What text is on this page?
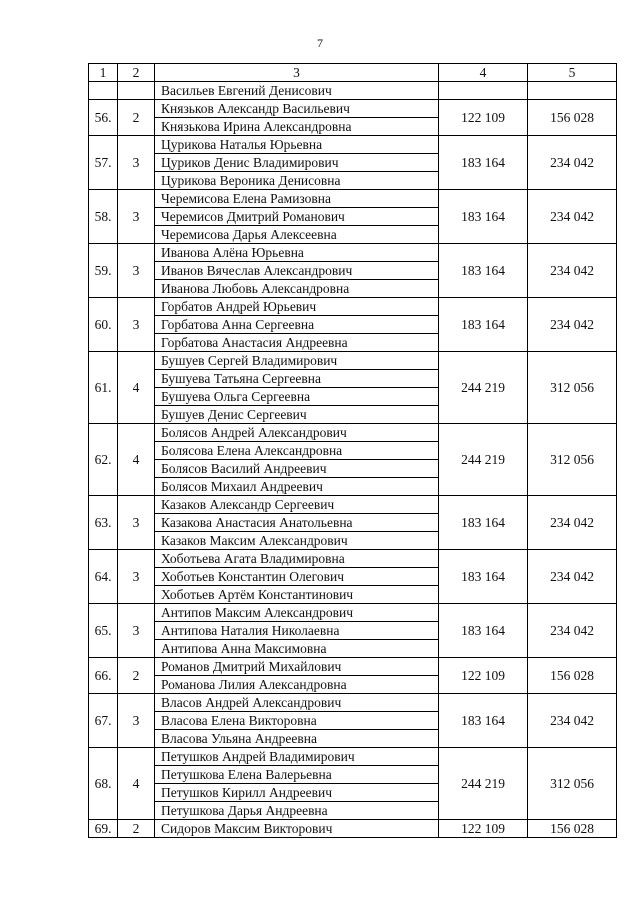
7
1	2	3	4	5
		Васильев Евгений Денисович		
56.	2	Князьков Александр Васильевич	122 109	156 028
		Князькова Ирина Александровна		
57.	3	Цурикова Наталья Юрьевна	183 164	234 042
		Цуриков Денис Владимирович		
		Цурикова Вероника Денисовна		
58.	3	Черемисова Елена Рамизовна	183 164	234 042
		Черемисов Дмитрий Романович		
		Черемисова Дарья Алексеевна		
59.	3	Иванова Алёна Юрьевна	183 164	234 042
		Иванов Вячеслав Александрович		
		Иванова Любовь Александровна		
60.	3	Горбатов Андрей Юрьевич	183 164	234 042
		Горбатова Анна Сергеевна		
		Горбатова Анастасия Андреевна		
61.	4	Бушуев Сергей Владимирович	244 219	312 056
		Бушуева Татьяна Сергеевна		
		Бушуева Ольга Сергеевна		
		Бушуев Денис Сергеевич		
62.	4	Болясов Андрей Александрович	244 219	312 056
		Болясова Елена Александровна		
		Болясов Василий Андреевич		
		Болясов Михаил Андреевич		
63.	3	Казаков Александр Сергеевич	183 164	234 042
		Казакова Анастасия Анатольевна		
		Казаков Максим Александрович		
64.	3	Хоботьева Агата Владимировна	183 164	234 042
		Хоботьев Константин Олегович		
		Хоботьев Артём Константинович		
65.	3	Антипов Максим Александрович	183 164	234 042
		Антипова Наталия Николаевна		
		Антипова Анна Максимовна		
66.	2	Романов Дмитрий Михайлович	122 109	156 028
		Романова Лилия Александровна		
67.	3	Власов Андрей Александрович	183 164	234 042
		Власова Елена Викторовна		
		Власова Ульяна Андреевна		
68.	4	Петушков Андрей Владимирович	244 219	312 056
		Петушкова Елена Валерьевна		
		Петушков Кирилл Андреевич		
		Петушкова Дарья Андреевна		
69.	2	Сидоров Максим Викторович	122 109	156 028
